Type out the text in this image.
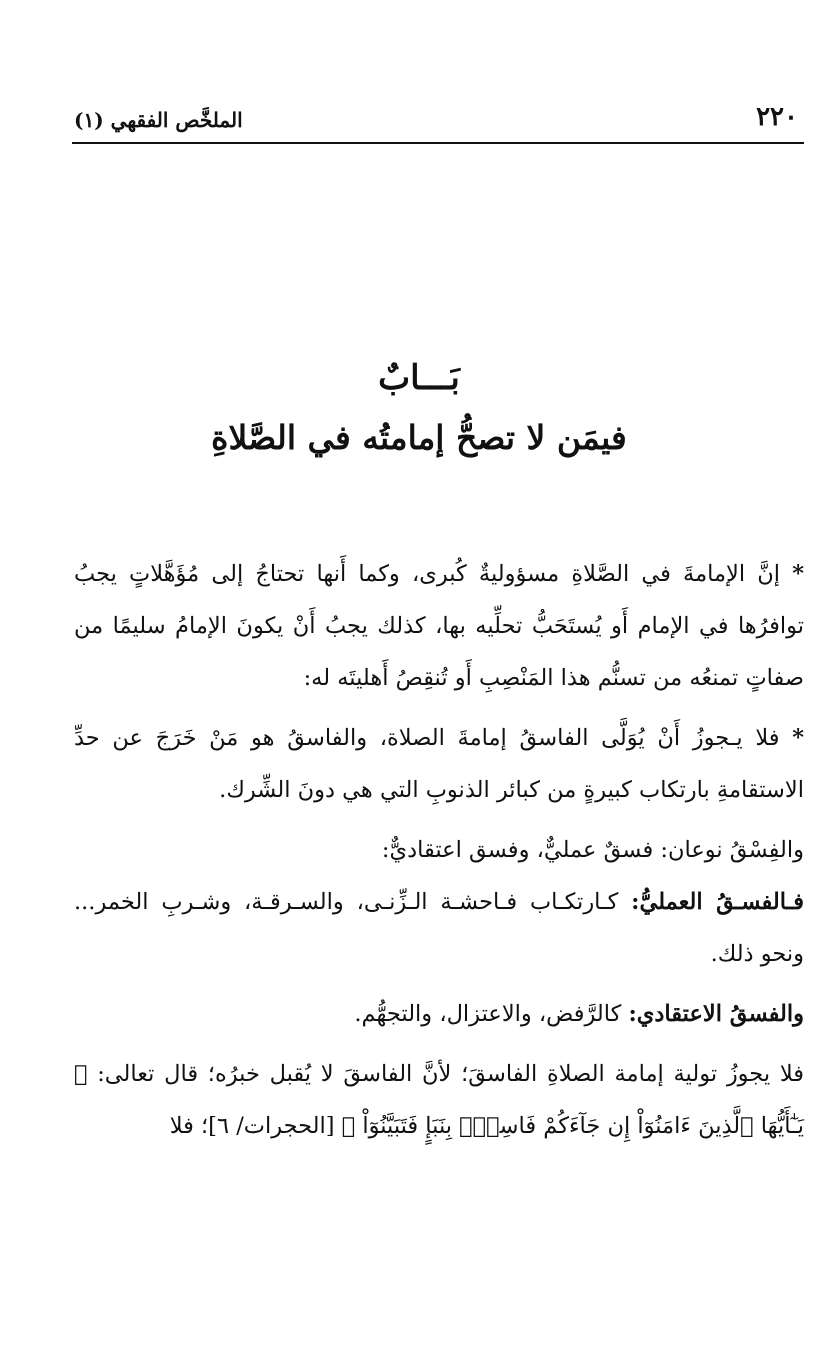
٢٢٠
الملخَّص الفقهي (١)
بَـــابٌ
فيمَن لا تصحُّ إمامتُه في الصَّلاةِ

* إنَّ الإمامةَ في الصَّلاةِ مسؤوليةٌ كُبرى، وكما أَنها تحتاجُ إلى مُؤَهَّلاتٍ يجبُ توافرُها في الإمام أَو يُستَحَبُّ تحلِّيه بها، كذلك يجبُ أَنْ يكونَ الإمامُ سليمًا من صفاتٍ تمنعُه من تسنُّم هذا المَنْصِبِ أَو تُنقِصُ أَهليتَه له:

* فلا يـجوزُ أَنْ يُوَلَّى الفاسقُ إمامةَ الصلاة، والفاسقُ هو مَنْ خَرَجَ عن حدِّ الاستقامةِ بارتكاب كبيرةٍ من كبائر الذنوبِ التي هي دونَ الشِّرك.

والفِسْقُ نوعان: فسقٌ عمليٌّ، وفسق اعتقاديٌّ:

فـالفسـقُ العمليُّ: كـارتكـاب فـاحشـة الـزِّنـى، والسـرقـة، وشـربِ الخمر... ونحو ذلك.

والفسقُ الاعتقادي: كالرَّفض، والاعتزال، والتجهُّم.

فلا يجوزُ تولية إمامة الصلاةِ الفاسقَ؛ لأنَّ الفاسقَ لا يُقبل خبرُه؛ قال تعالى: ﴿ يَـٰٓأَيُّهَا ٱلَّذِينَ ءَامَنُوٓاْ إِن جَآءَكُمْ فَاسِقٌۢ بِنَبَإٍ فَتَبَيَّنُوٓاْ ﴾ [الحجرات/ ٦]؛ فلا
